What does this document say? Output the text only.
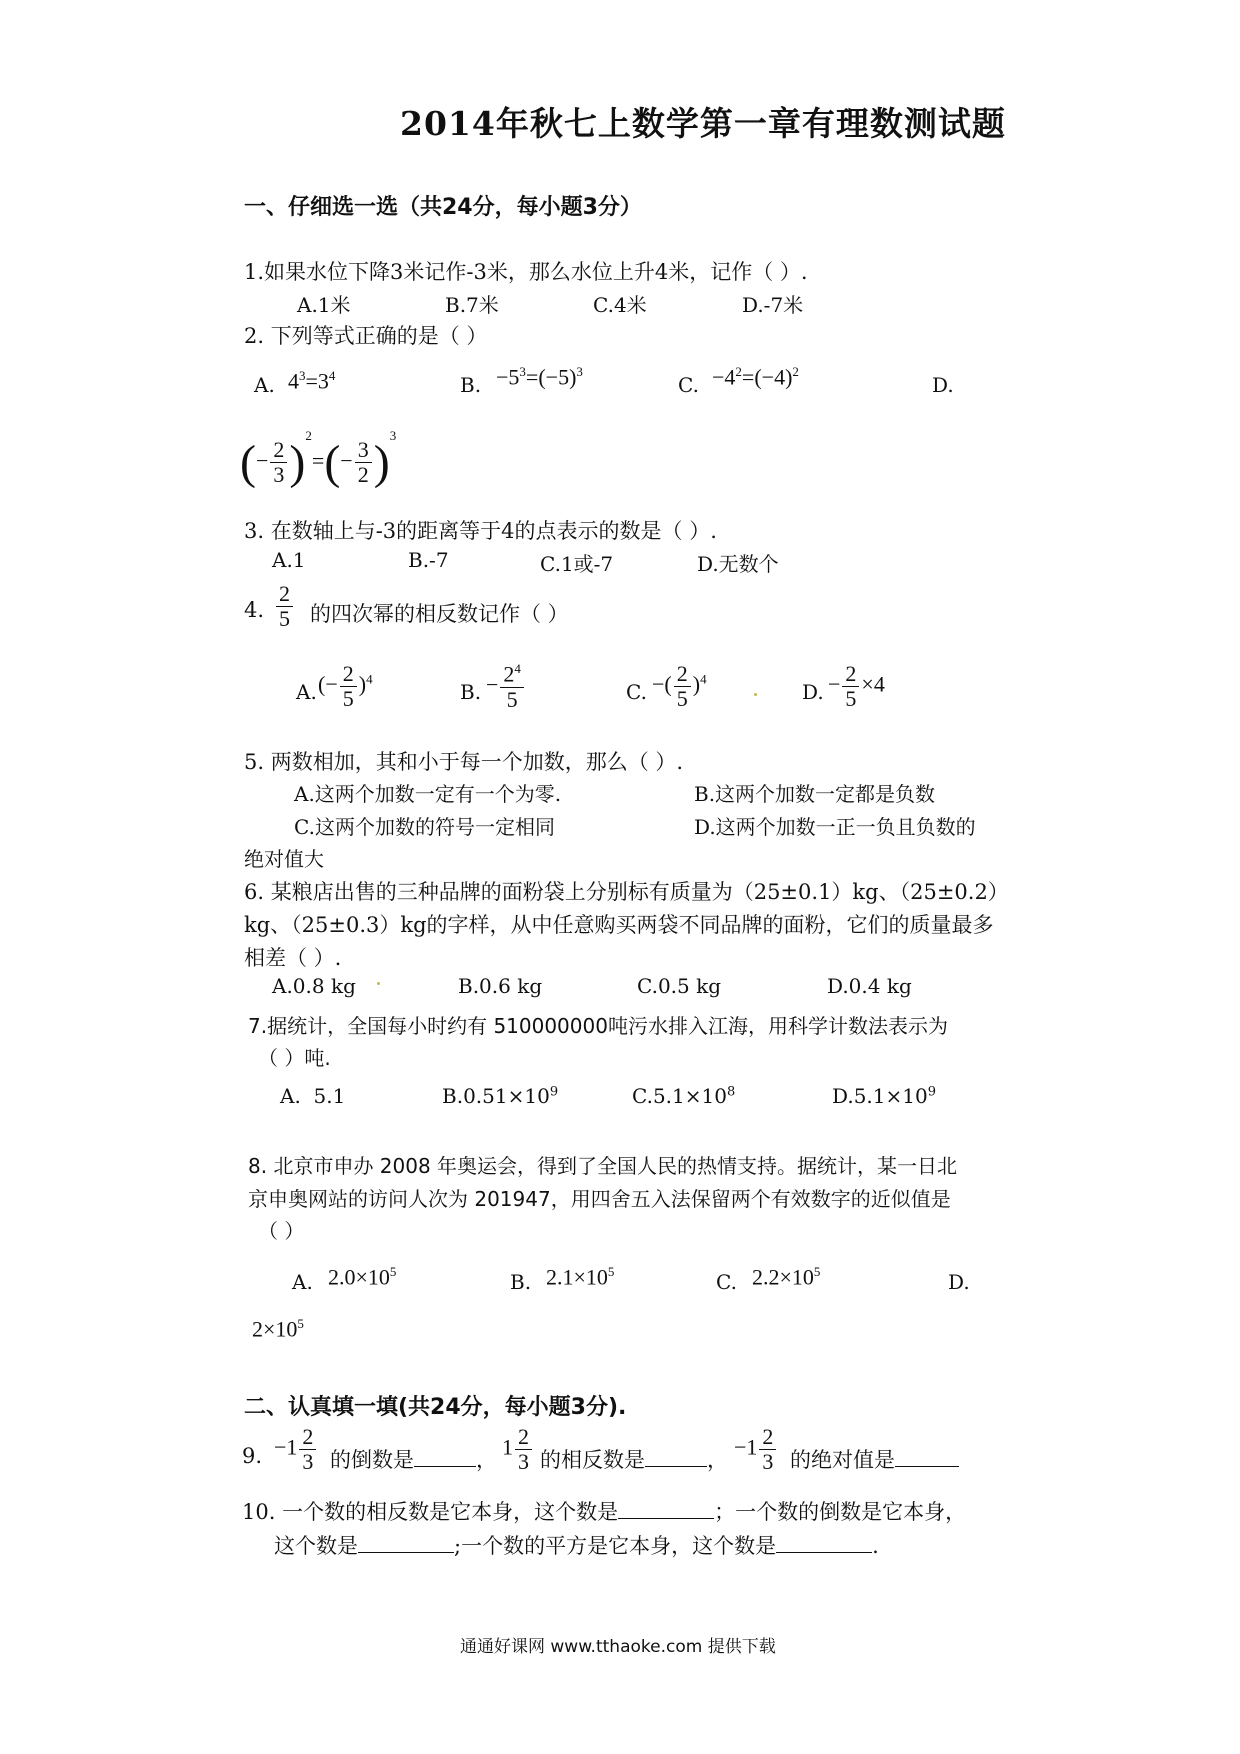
2014年秋七上数学第一章有理数测试题
一、仔细选一选（共24分，每小题3分）
1.如果水位下降3米记作-3米，那么水位上升4米，记作（ ）.
A.1米	B.7米	C.4米	D.-7米
2. 下列等式正确的是（ ）
A. $4^3=3^4$	B. $-5^3=(-5)^3$
C. $-4^2=(-4)^2$
D.
(− $\frac{2}{3} )^2=(- \frac{3}{2} )^3$
3. 在数轴上与-3的距离等于4的点表示的数是（ ）.
A.1	B.-7	C.1或-7	D.无数个
4. $\frac{2}{5}$ 的四次幂的相反数记作（ ）
A. (− $\frac{2}{5} )^4$
B. − $\frac{2^4}{5}$	C. −( $\frac{2}{5} )^4$
D. − $\frac{2}{5} \times 4$
5. 两数相加，其和小于每一个加数，那么（ ）.
A.这两个加数一定有一个为零.	B.这两个加数一定都是负数
C.这两个加数的符号一定相同	D.这两个加数一正一负且负数的
绝对值大
6. 某粮店出售的三种品牌的面粉袋上分别标有质量为（25±0.1）kg、（25±0.2）
kg、（25±0.3）kg的字样，从中任意购买两袋不同品牌的面粉，它们的质量最多
相差（ ）.
A.0.8 kg	B.0.6 kg	C.0.5 kg	D.0.4 kg
7.据统计，全国每小时约有 510000000吨污水排入江海，用科学计数法表示为
（ ）吨.
A. 5.1	$B.0.51\times 10^9$	$C.5.1\times 10^8$	$D.5.1\times 10^9$
8. 北京市申办 2008 年奥运会，得到了全国人民的热情支持。据统计，某一日北
京申奥网站的访问人次为 201947，用四舍五入法保留两个有效数字的近似值是
（ ）
A. $2.0\times 10^5$	B. $2.1\times 10^5$	C. $2.2\times 10^5$	D.
$2\times 10^5$
二、认真填一填(共24分，每小题3分).
9. $-1 \frac{2}{3}$ 的倒数是	，
$1 \frac{2}{3}$ 的相反数是	，
$-1 \frac{2}{3}$ 的绝对值是
10. 一个数的相反数是它本身，这个数是	；一个数的倒数是它本身，
这个数是	;一个数的平方是它本身，这个数是	.
通通好课网 www.tthaoke.com 提供下载
